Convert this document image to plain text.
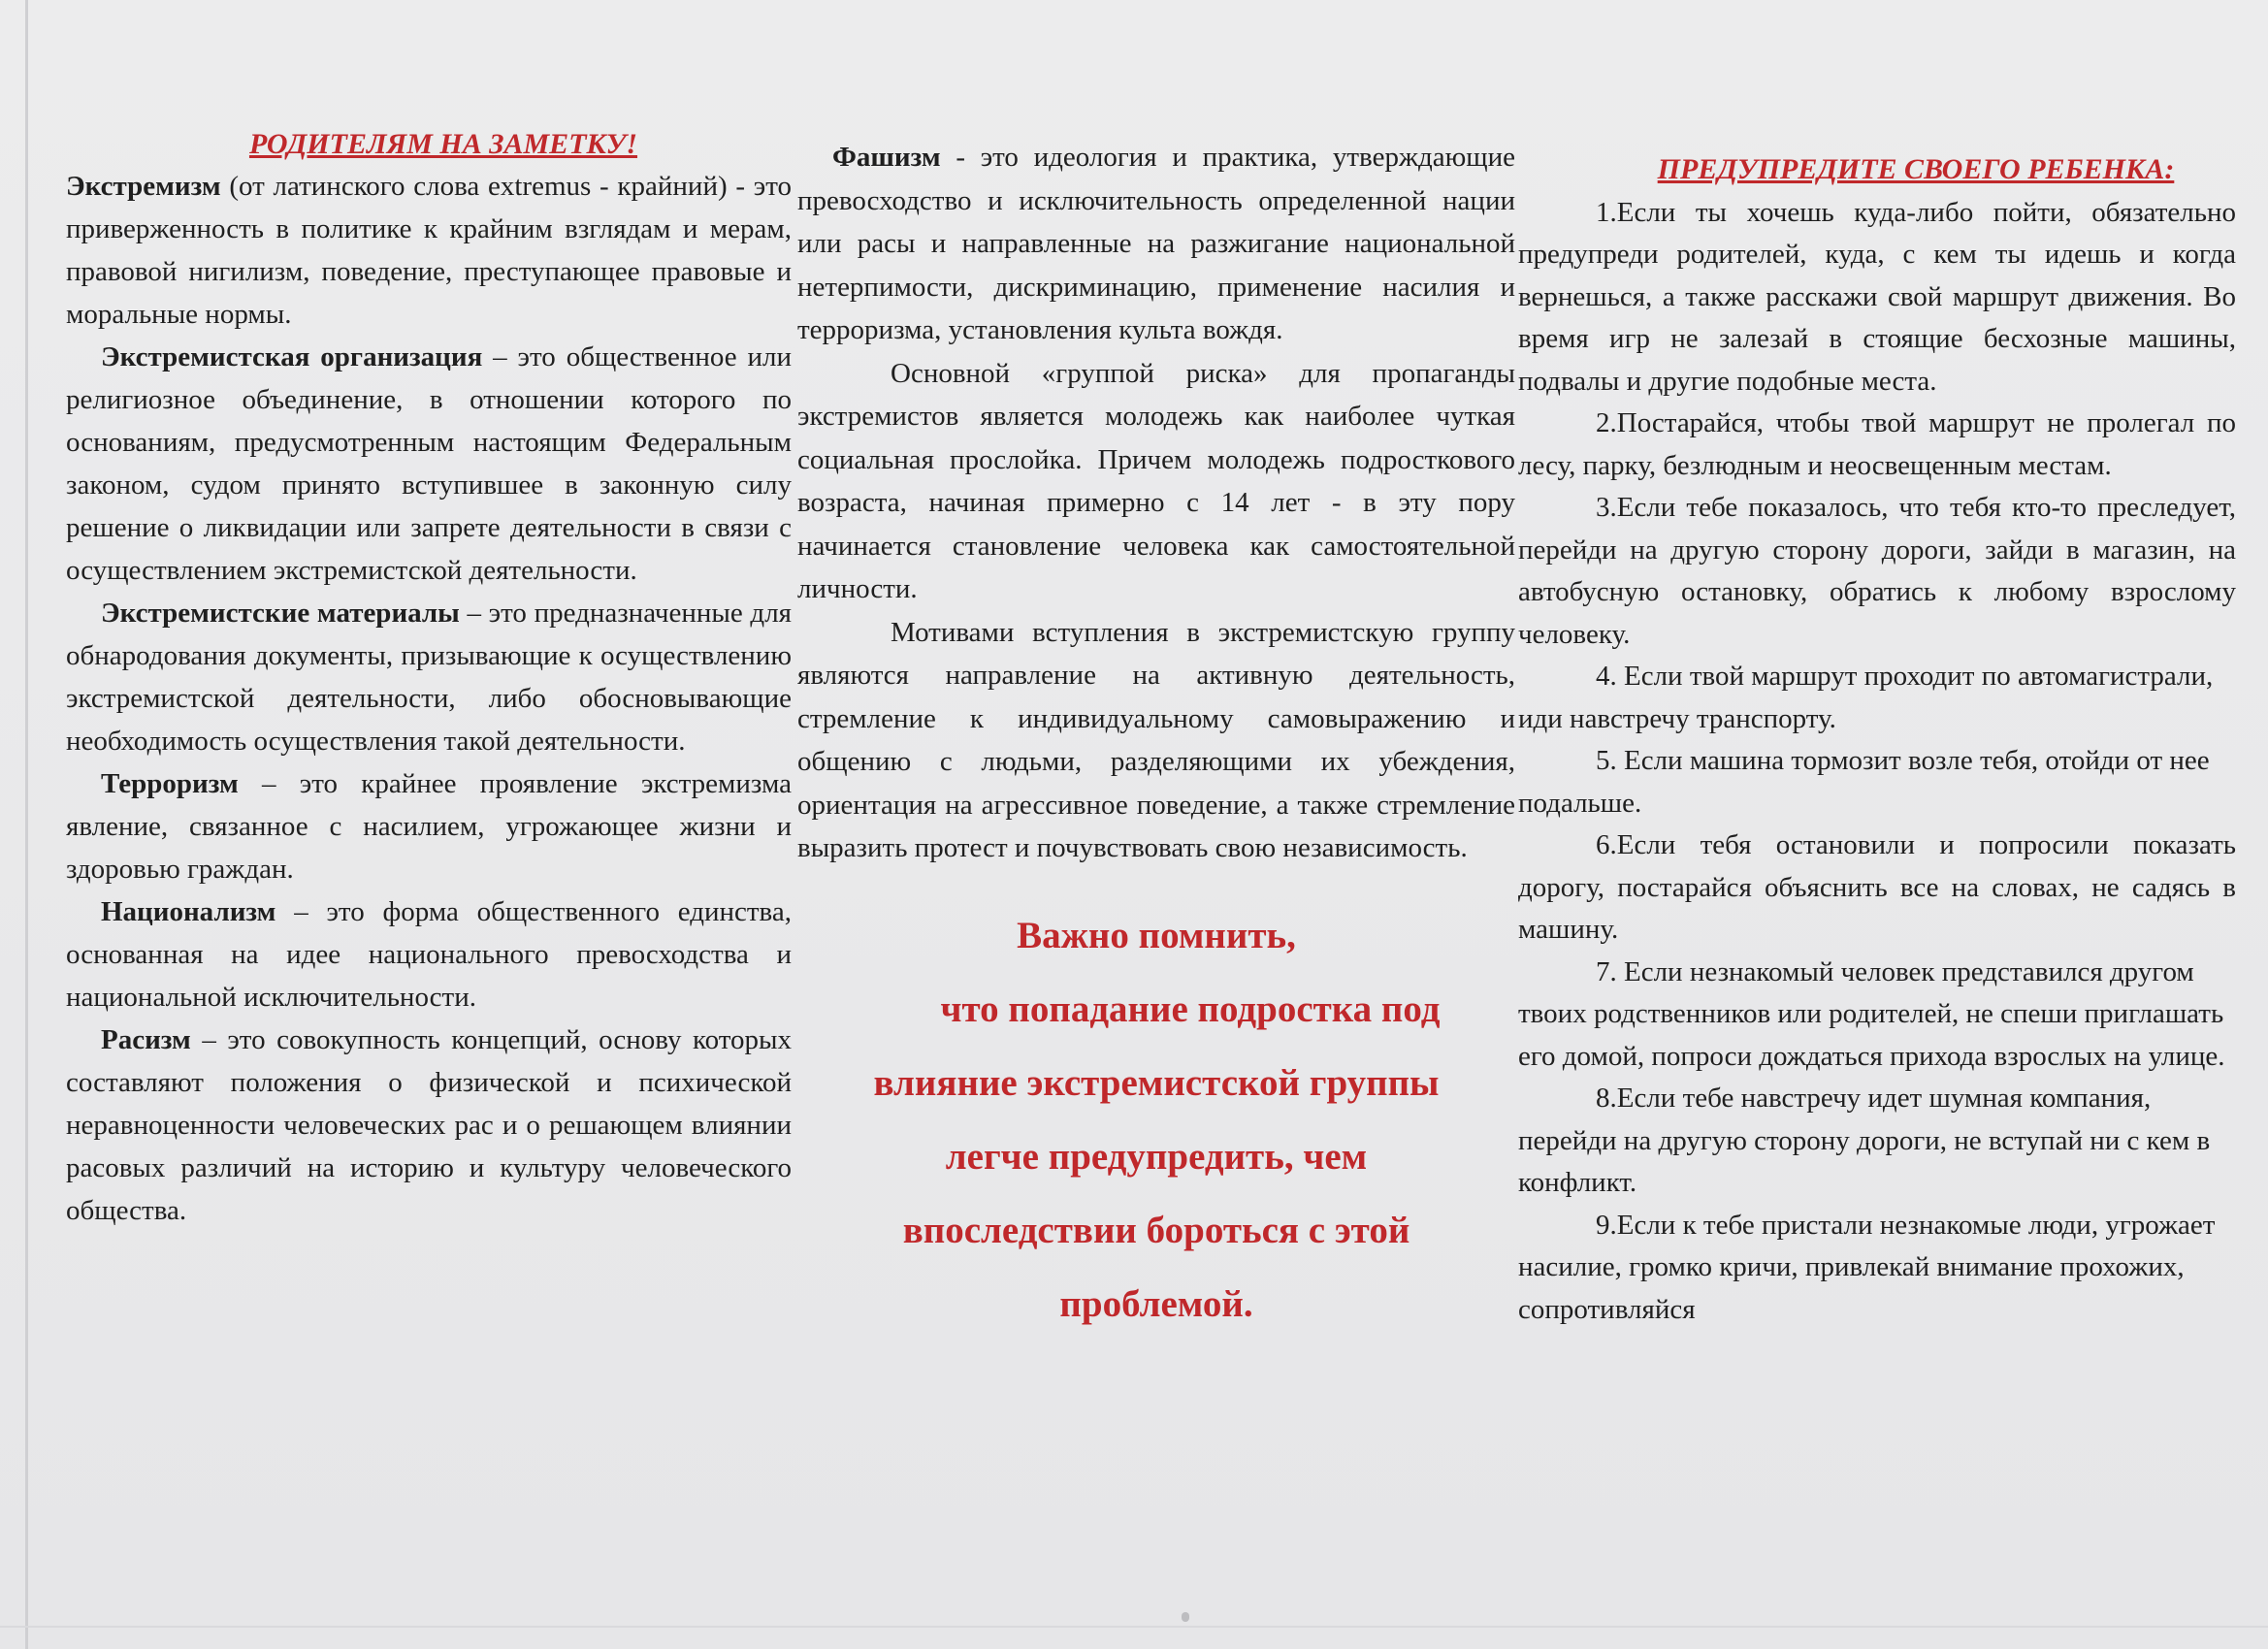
РОДИТЕЛЯМ НА ЗАМЕТКУ!

Экстремизм (от латинского слова extremus - крайний) - это приверженность в политике к крайним взглядам и мерам, правовой нигилизм, поведение, преступающее правовые и моральные нормы.

Экстремистская организация – это общественное или религиозное объединение, в отношении которого по основаниям, предусмотренным настоящим Федеральным законом, судом принято вступившее в законную силу решение о ликвидации или запрете деятельности в связи с осуществлением экстремистской деятельности.

Экстремистские материалы – это предназначенные для обнародования документы, призывающие к осуществлению экстремистской деятельности, либо обосновывающие необходимость осуществления такой деятельности.

Терроризм – это крайнее проявление экстремизма явление, связанное с насилием, угрожающее жизни и здоровью граждан.

Национализм – это форма общественного единства, основанная на идее национального превосходства и национальной исключительности.

Расизм – это совокупность концепций, основу которых составляют положения о физической и психической неравноценности человеческих рас и о решающем влиянии расовых различий на историю и культуру человеческого общества.

Фашизм - это идеология и практика, утверждающие превосходство и исключительность определенной нации или расы и направленные на разжигание национальной нетерпимости, дискриминацию, применение насилия и терроризма, установления культа вождя.

Основной «группой риска» для пропаганды экстремистов является молодежь как наиболее чуткая социальная прослойка. Причем молодежь подросткового возраста, начиная примерно с 14 лет - в эту пору начинается становление человека как самостоятельной личности.

Мотивами вступления в экстремистскую группу являются направление на активную деятельность, стремление к индивидуальному самовыражению и общению с людьми, разделяющими их убеждения, ориентация на агрессивное поведение, а также стремление выразить протест и почувствовать свою независимость.

Важно помнить,
что попадание подростка под
влияние экстремистской группы
легче предупредить, чем
впоследствии бороться с этой
проблемой.
ПРЕДУПРЕДИТЕ СВОЕГО РЕБЕНКА:

1.Если ты хочешь куда-либо пойти, обязательно предупреди родителей, куда, с кем ты идешь и когда вернешься, а также расскажи свой маршрут движения. Во время игр не залезай в стоящие бесхозные машины, подвалы и другие подобные места.

2.Постарайся, чтобы твой маршрут не пролегал по лесу, парку, безлюдным и неосвещенным местам.

3.Если тебе показалось, что тебя кто-то преследует, перейди на другую сторону дороги, зайди в магазин, на автобусную остановку, обратись к любому взрослому человеку.

4. Если твой маршрут проходит по автомагистрали, иди навстречу транспорту.

5. Если машина тормозит возле тебя, отойди от нее подальше.

6.Если тебя остановили и попросили показать дорогу, постарайся объяснить все на словах, не садясь в машину.

7. Если незнакомый человек представился другом твоих родственников или родителей, не спеши приглашать его домой, попроси дождаться прихода взрослых на улице.

8.Если тебе навстречу идет шумная компания, перейди на другую сторону дороги, не вступай ни с кем в конфликт.

9.Если к тебе пристали незнакомые люди, угрожает насилие, громко кричи, привлекай внимание прохожих, сопротивляйся
